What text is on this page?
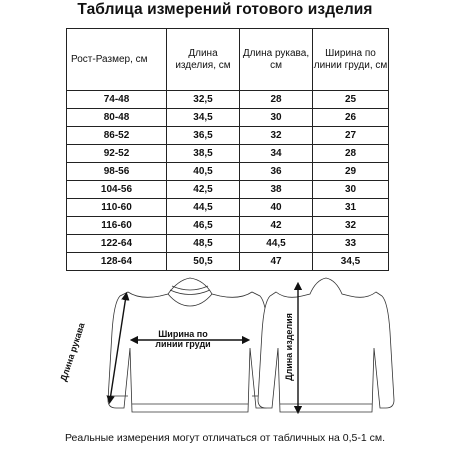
Таблица измерений готового изделия
Рост-Размер, см	Длина изделия, см	Длина рукава, см	Ширина по линии груди, см
74-48	32,5	28	25
80-48	34,5	30	26
86-52	36,5	32	27
92-52	38,5	34	28
98-56	40,5	36	29
104-56	42,5	38	30
110-60	44,5	40	31
116-60	46,5	42	32
122-64	48,5	44,5	33
128-64	50,5	47	34,5
Ширина по линии груди
Длина рукава	Длина изделия
Реальные измерения могут отличаться от табличных на 0,5-1 см.
